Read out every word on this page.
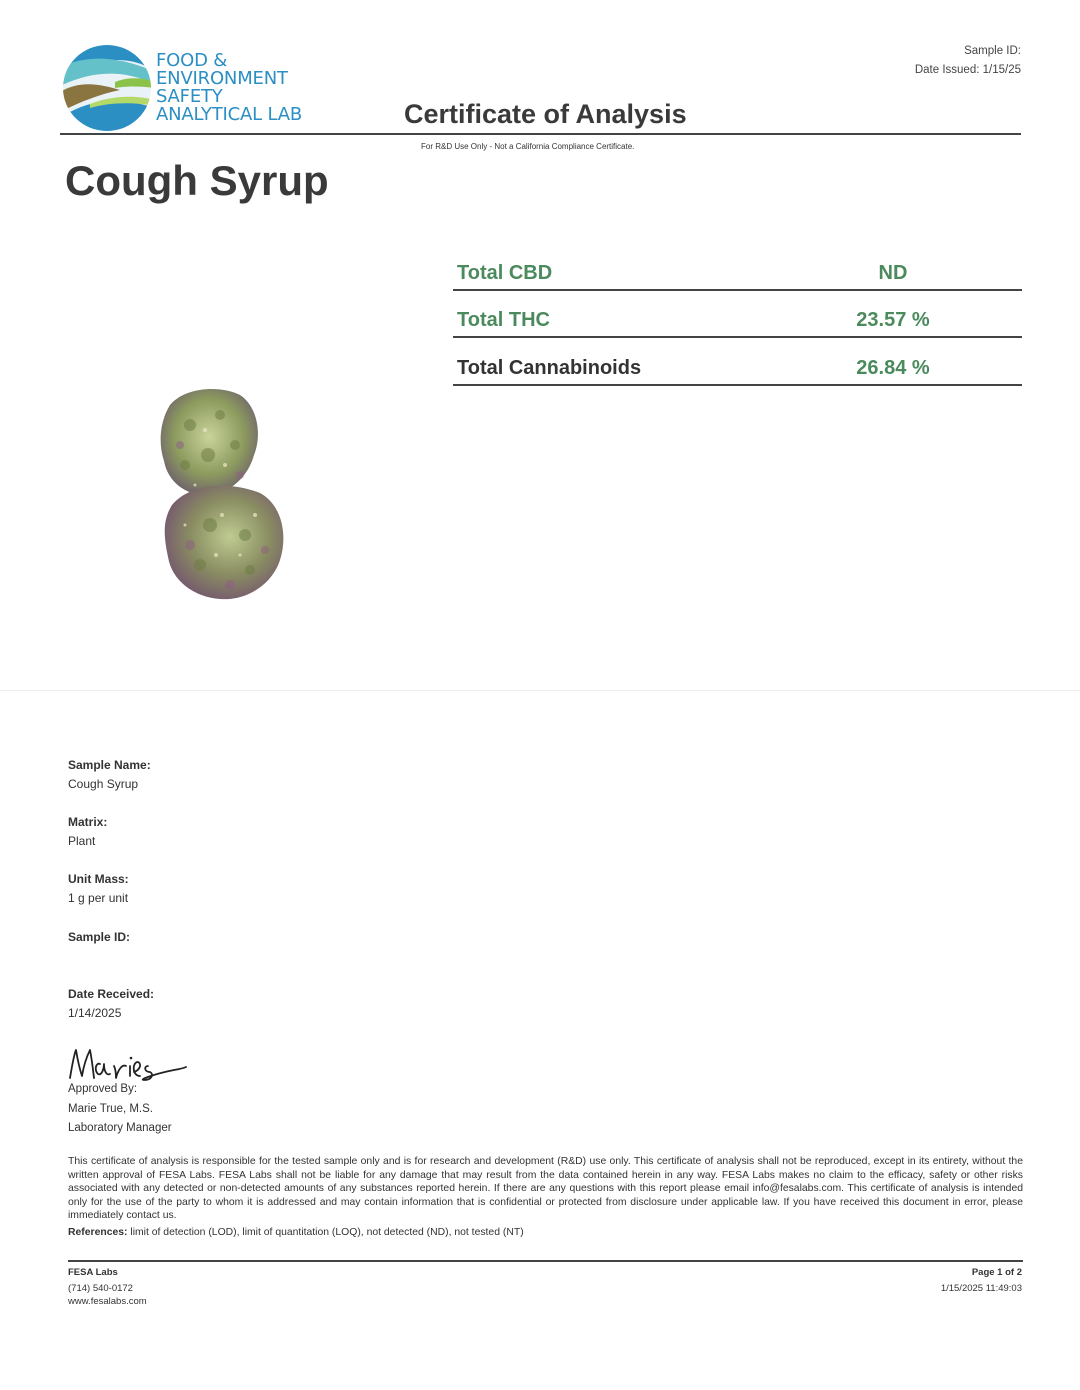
FOOD &
ENVIRONMENT
SAFETY
ANALYTICAL LAB	Certificate of Analysis
Sample ID:
Date Issued: 1/15/25
For R&D Use Only - Not a California Compliance Certificate.
Cough Syrup
Total CBD	ND
Total THC	23.57 %
Total Cannabinoids	26.84 %
Sample Name:
Cough Syrup
Matrix:
Plant
Unit Mass:
1 g per unit
Sample ID:
Date Received:
1/14/2025
Approved By:
Marie True, M.S.
Laboratory Manager
This certificate of analysis is responsible for the tested sample only and is for research and development (R&D) use only. This certificate of analysis shall not be reproduced, except in its entirety, without the written approval of FESA Labs. FESA Labs shall not be liable for any damage that may result from the data contained herein in any way. FESA Labs makes no claim to the efficacy, safety or other risks associated with any detected or non-detected amounts of any substances reported herein. If there are any questions with this report please email info@fesalabs.com. This certificate of analysis is intended only for the use of the party to whom it is addressed and may contain information that is confidential or protected from disclosure under applicable law. If you have received this document in error, please immediately contact us.
References: limit of detection (LOD), limit of quantitation (LOQ), not detected (ND), not tested (NT)
FESA Labs
(714) 540-0172
www.fesalabs.com
Page 1 of 2
1/15/2025 11:49:03
